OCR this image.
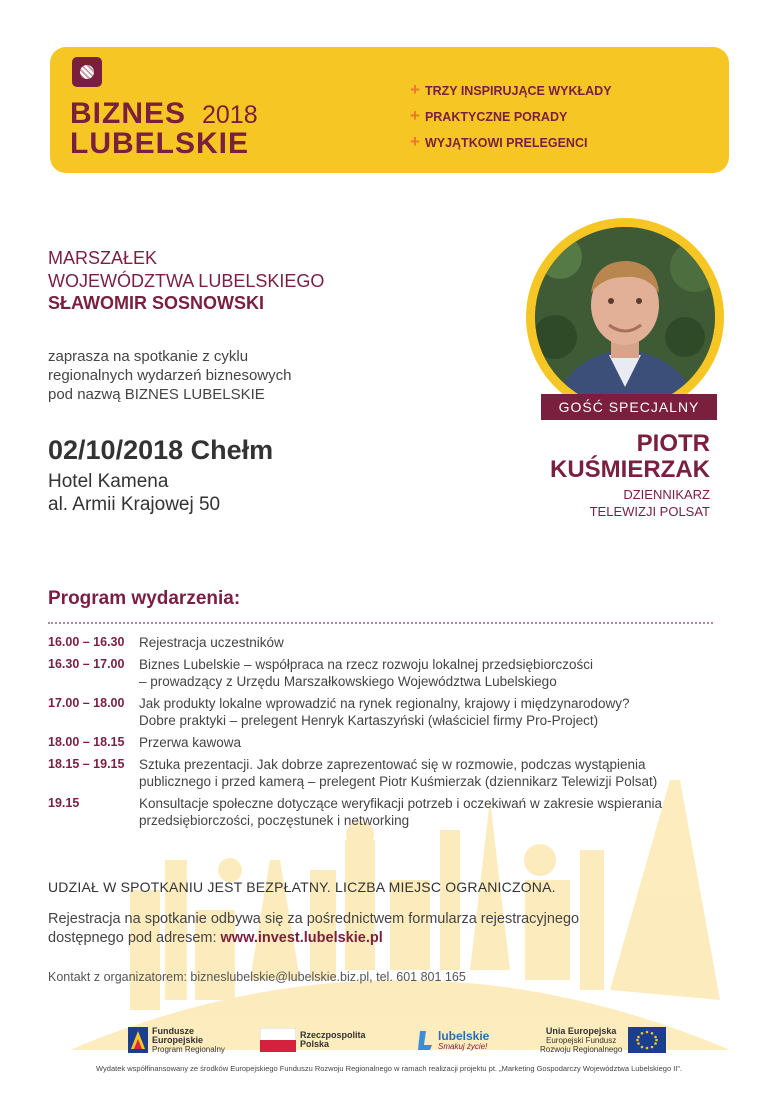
BIZNES 2018
LUBELSKIE
+ TRZY INSPIRUJĄCE WYKŁADY
+ PRAKTYCZNE PORADY
+ WYJĄTKOWI PRELEGENCI
MARSZAŁEK
WOJEWÓDZTWA LUBELSKIEGO
SŁAWOMIR SOSNOWSKI
zaprasza na spotkanie z cyklu
regionalnych wydarzeń biznesowych
pod nazwą BIZNES LUBELSKIE
02/10/2018 Chełm
Hotel Kamena
al. Armii Krajowej 50
GOŚĆ SPECJALNY
PIOTR
KUŚMIERZAK
DZIENNIKARZ
TELEWIZJI POLSAT
Program wydarzenia:
16.00 – 16.30	Rejestracja uczestników
16.30 – 17.00	Biznes Lubelskie – współpraca na rzecz rozwoju lokalnej przedsiębiorczości
– prowadzący z Urzędu Marszałkowskiego Województwa Lubelskiego
17.00 – 18.00	Jak produkty lokalne wprowadzić na rynek regionalny, krajowy i międzynarodowy?
Dobre praktyki – prelegent Henryk Kartaszyński (właściciel firmy Pro-Project)
18.00 – 18.15	Przerwa kawowa
18.15 – 19.15	Sztuka prezentacji. Jak dobrze zaprezentować się w rozmowie, podczas wystąpienia
publicznego i przed kamerą – prelegent Piotr Kuśmierzak (dziennikarz Telewizji Polsat)
19.15	Konsultacje społeczne dotyczące weryfikacji potrzeb i oczekiwań w zakresie wspierania
przedsiębiorczości, poczęstunek i networking
UDZIAŁ W SPOTKANIU JEST BEZPŁATNY. LICZBA MIEJSC OGRANICZONA.
Rejestracja na spotkanie odbywa się za pośrednictwem formularza rejestracyjnego
dostępnego pod adresem: www.invest.lubelskie.pl
Kontakt z organizatorem: bizneslubelskie@lubelskie.biz.pl, tel. 601 801 165
Fundusze
Europejskie
Program Regionalny
Rzeczpospolita
Polska
lubelskie
Smakuj życie!
Unia Europejska
Europejski Fundusz
Rozwoju Regionalnego
Wydatek współfinansowany ze środków Europejskiego Funduszu Rozwoju Regionalnego w ramach realizacji projektu pt. „Marketing Gospodarczy Województwa Lubelskiego II”.
